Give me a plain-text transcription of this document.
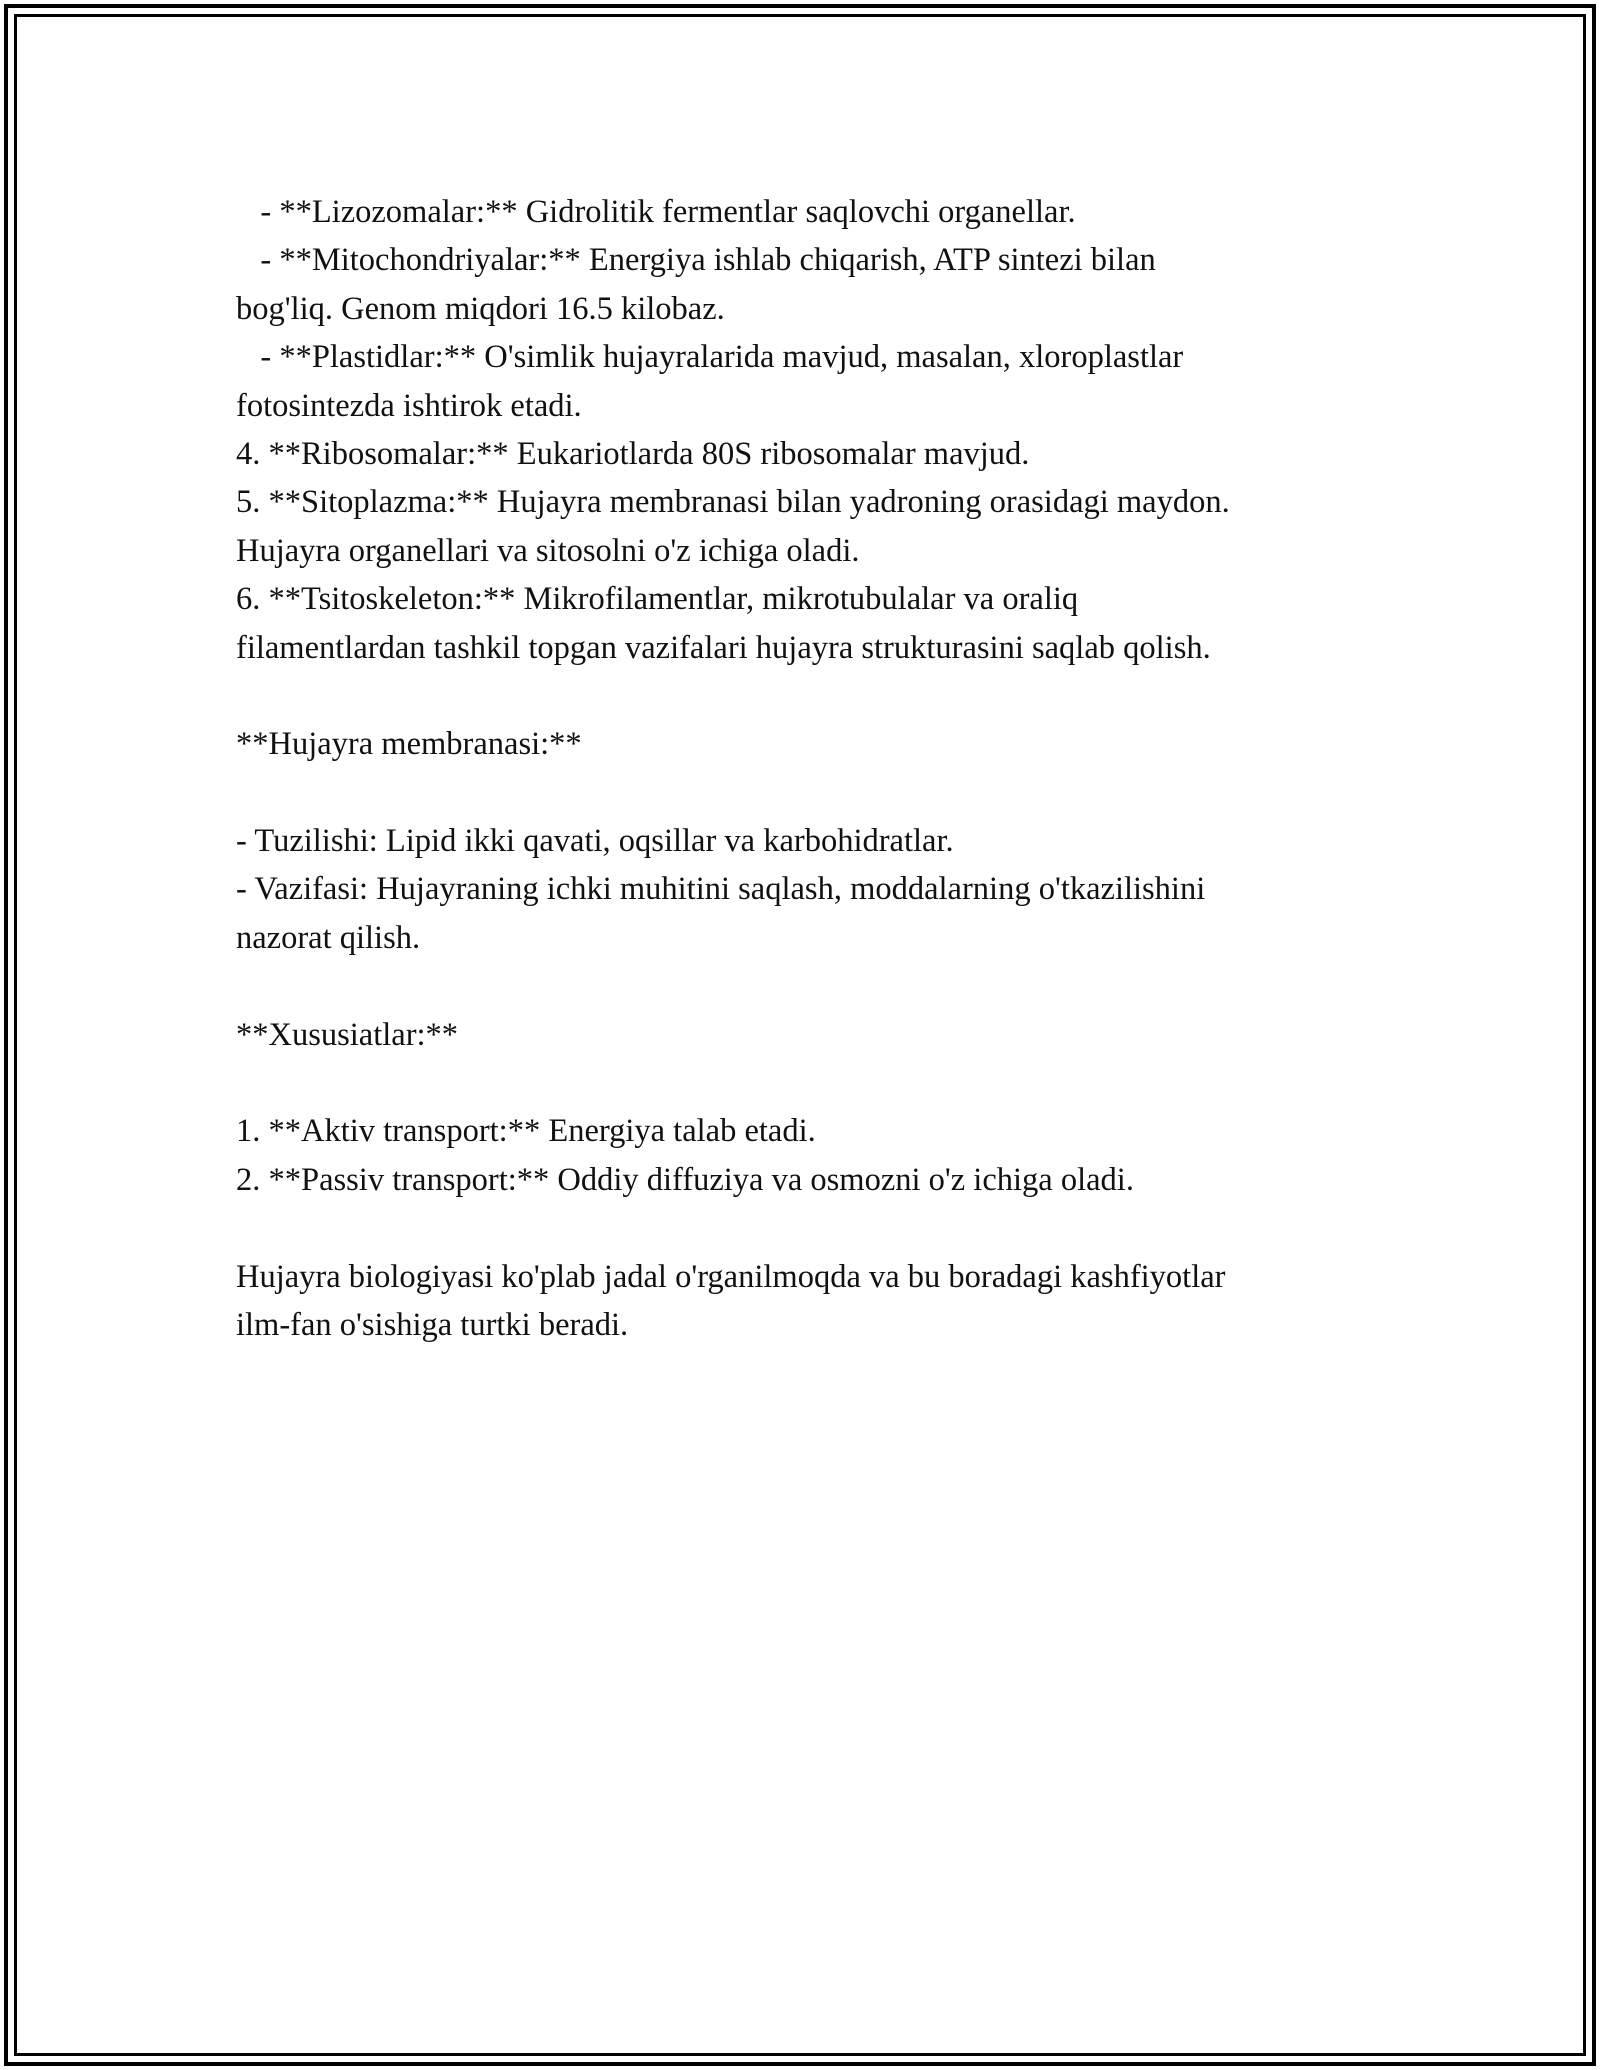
- **Lizozomalar:** Gidrolitik fermentlar saqlovchi organellar.

- **Mitochondriyalar:** Energiya ishlab chiqarish, ATP sintezi bilan

bog'liq. Genom miqdori 16.5 kilobaz.

- **Plastidlar:** O'simlik hujayralarida mavjud, masalan, xloroplastlar

fotosintezda ishtirok etadi.

4. **Ribosomalar:** Eukariotlarda 80S ribosomalar mavjud.

5. **Sitoplazma:** Hujayra membranasi bilan yadroning orasidagi maydon.

Hujayra organellari va sitosolni o'z ichiga oladi.

6. **Tsitoskeleton:** Mikrofilamentlar, mikrotubulalar va oraliq

filamentlardan tashkil topgan vazifalari hujayra strukturasini saqlab qolish.

**Hujayra membranasi:**

- Tuzilishi: Lipid ikki qavati, oqsillar va karbohidratlar.

- Vazifasi: Hujayraning ichki muhitini saqlash, moddalarning o'tkazilishini

nazorat qilish.

**Xususiatlar:**

1. **Aktiv transport:** Energiya talab etadi.

2. **Passiv transport:** Oddiy diffuziya va osmozni o'z ichiga oladi.

Hujayra biologiyasi ko'plab jadal o'rganilmoqda va bu boradagi kashfiyotlar

ilm-fan o'sishiga turtki beradi.
